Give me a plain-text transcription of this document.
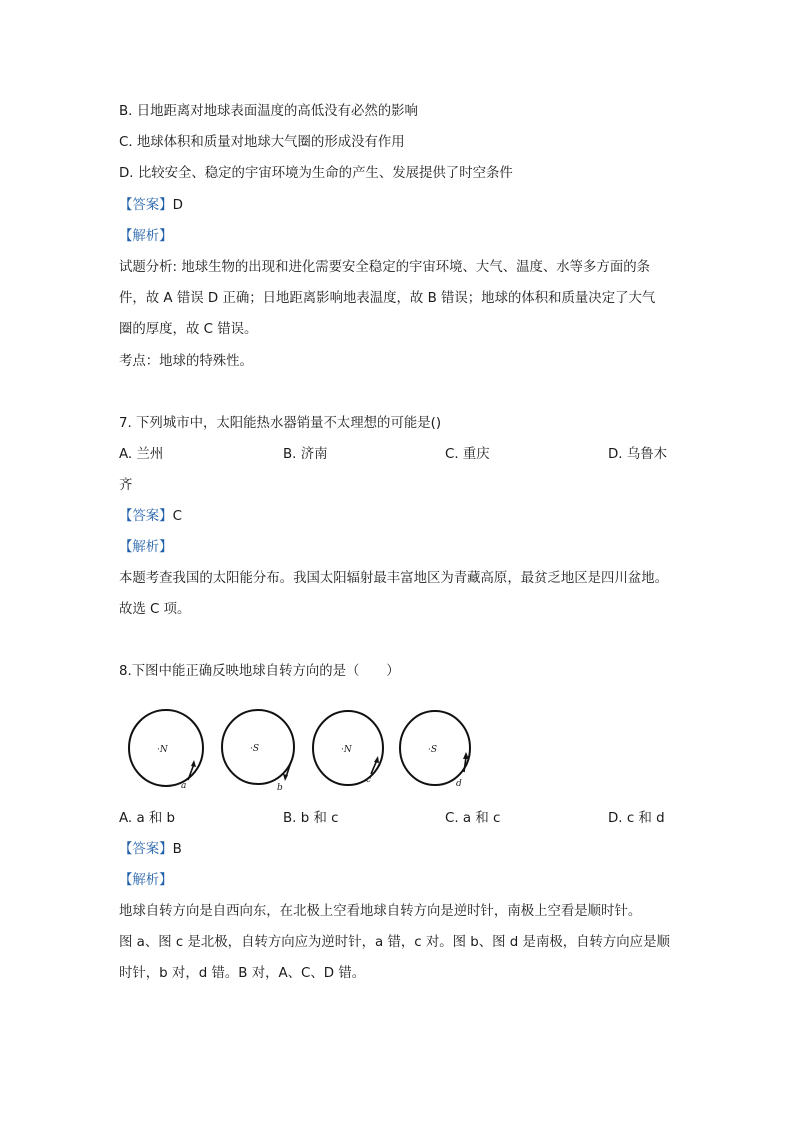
B. 日地距离对地球表面温度的高低没有必然的影响
C. 地球体积和质量对地球大气圈的形成没有作用
D. 比较安全、稳定的宇宙环境为生命的产生、发展提供了时空条件
【答案】D
【解析】
试题分析: 地球生物的出现和进化需要安全稳定的宇宙环境、大气、温度、水等多方面的条
件，故 A 错误 D 正确；日地距离影响地表温度，故 B 错误；地球的体积和质量决定了大气
圈的厚度，故 C 错误。
考点：地球的特殊性。
7. 下列城市中，太阳能热水器销量不太理想的可能是()
A. 兰州	B. 济南	C. 重庆	D. 乌鲁木
齐
【答案】C
【解析】
本题考查我国的太阳能分布。我国太阳辐射最丰富地区为青藏高原，最贫乏地区是四川盆地。
故选 C 项。
8.下图中能正确反映地球自转方向的是（　　）
·N
a
·S
b
·N
c
·S
d
A. a 和 b	B. b 和 c	C. a 和 c	D. c 和 d
【答案】B
【解析】
地球自转方向是自西向东，在北极上空看地球自转方向是逆时针，南极上空看是顺时针。
图 a、图 c 是北极，自转方向应为逆时针，a 错，c 对。图 b、图 d 是南极，自转方向应是顺
时针，b 对，d 错。B 对，A、C、D 错。
